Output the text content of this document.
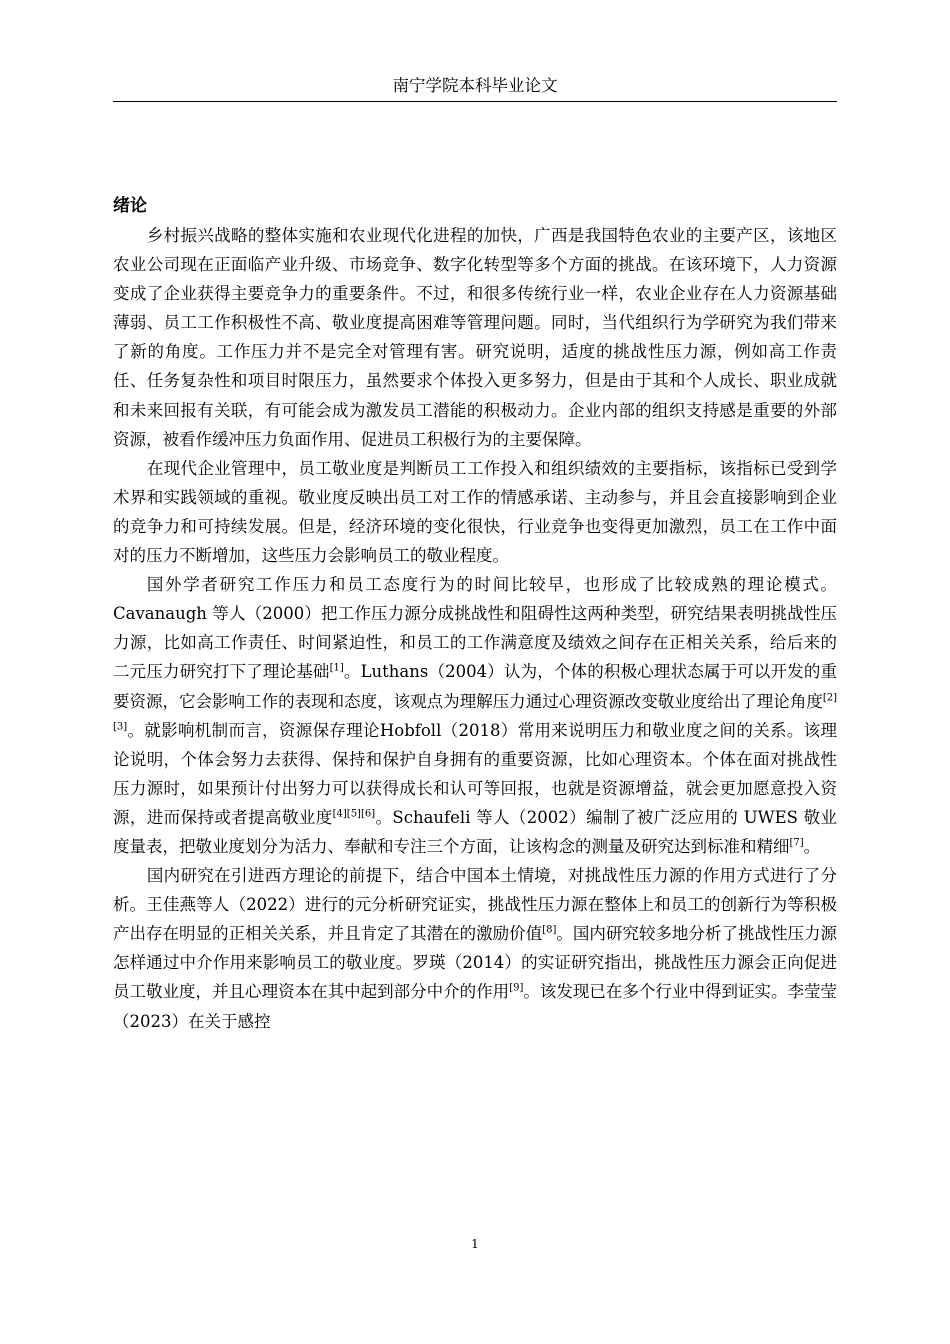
南宁学院本科毕业论文
绪论

乡村振兴战略的整体实施和农业现代化进程的加快，广西是我国特色农业的主要产区，该地区农业公司现在正面临产业升级、市场竞争、数字化转型等多个方面的挑战。在该环境下，人力资源变成了企业获得主要竞争力的重要条件。不过，和很多传统行业一样，农业企业存在人力资源基础薄弱、员工工作积极性不高、敬业度提高困难等管理问题。同时，当代组织行为学研究为我们带来了新的角度。工作压力并不是完全对管理有害。研究说明，适度的挑战性压力源，例如高工作责任、任务复杂性和项目时限压力，虽然要求个体投入更多努力，但是由于其和个人成长、职业成就和未来回报有关联，有可能会成为激发员工潜能的积极动力。企业内部的组织支持感是重要的外部资源，被看作缓冲压力负面作用、促进员工积极行为的主要保障。

在现代企业管理中，员工敬业度是判断员工工作投入和组织绩效的主要指标，该指标已受到学术界和实践领域的重视。敬业度反映出员工对工作的情感承诺、主动参与，并且会直接影响到企业的竞争力和可持续发展。但是，经济环境的变化很快，行业竞争也变得更加激烈，员工在工作中面对的压力不断增加，这些压力会影响员工的敬业程度。

国外学者研究工作压力和员工态度行为的时间比较早，也形成了比较成熟的理论模式。Cavanaugh 等人（2000）把工作压力源分成挑战性和阻碍性这两种类型，研究结果表明挑战性压力源，比如高工作责任、时间紧迫性，和员工的工作满意度及绩效之间存在正相关关系，给后来的二元压力研究打下了理论基础[1]。Luthans（2004）认为，个体的积极心理状态属于可以开发的重要资源，它会影响工作的表现和态度，该观点为理解压力通过心理资源改变敬业度给出了理论角度[2][3]。就影响机制而言，资源保存理论Hobfoll（2018）常用来说明压力和敬业度之间的关系。该理论说明，个体会努力去获得、保持和保护自身拥有的重要资源，比如心理资本。个体在面对挑战性压力源时，如果预计付出努力可以获得成长和认可等回报，也就是资源增益，就会更加愿意投入资源，进而保持或者提高敬业度[4][5][6]。Schaufeli 等人（2002）编制了被广泛应用的 UWES 敬业度量表，把敬业度划分为活力、奉献和专注三个方面，让该构念的测量及研究达到标准和精细[7]。

国内研究在引进西方理论的前提下，结合中国本土情境，对挑战性压力源的作用方式进行了分析。王佳燕等人（2022）进行的元分析研究证实，挑战性压力源在整体上和员工的创新行为等积极产出存在明显的正相关关系，并且肯定了其潜在的激励价值[8]。国内研究较多地分析了挑战性压力源怎样通过中介作用来影响员工的敬业度。罗瑛（2014）的实证研究指出，挑战性压力源会正向促进员工敬业度，并且心理资本在其中起到部分中介的作用[9]。该发现已在多个行业中得到证实。李莹莹（2023）在关于感控

1
